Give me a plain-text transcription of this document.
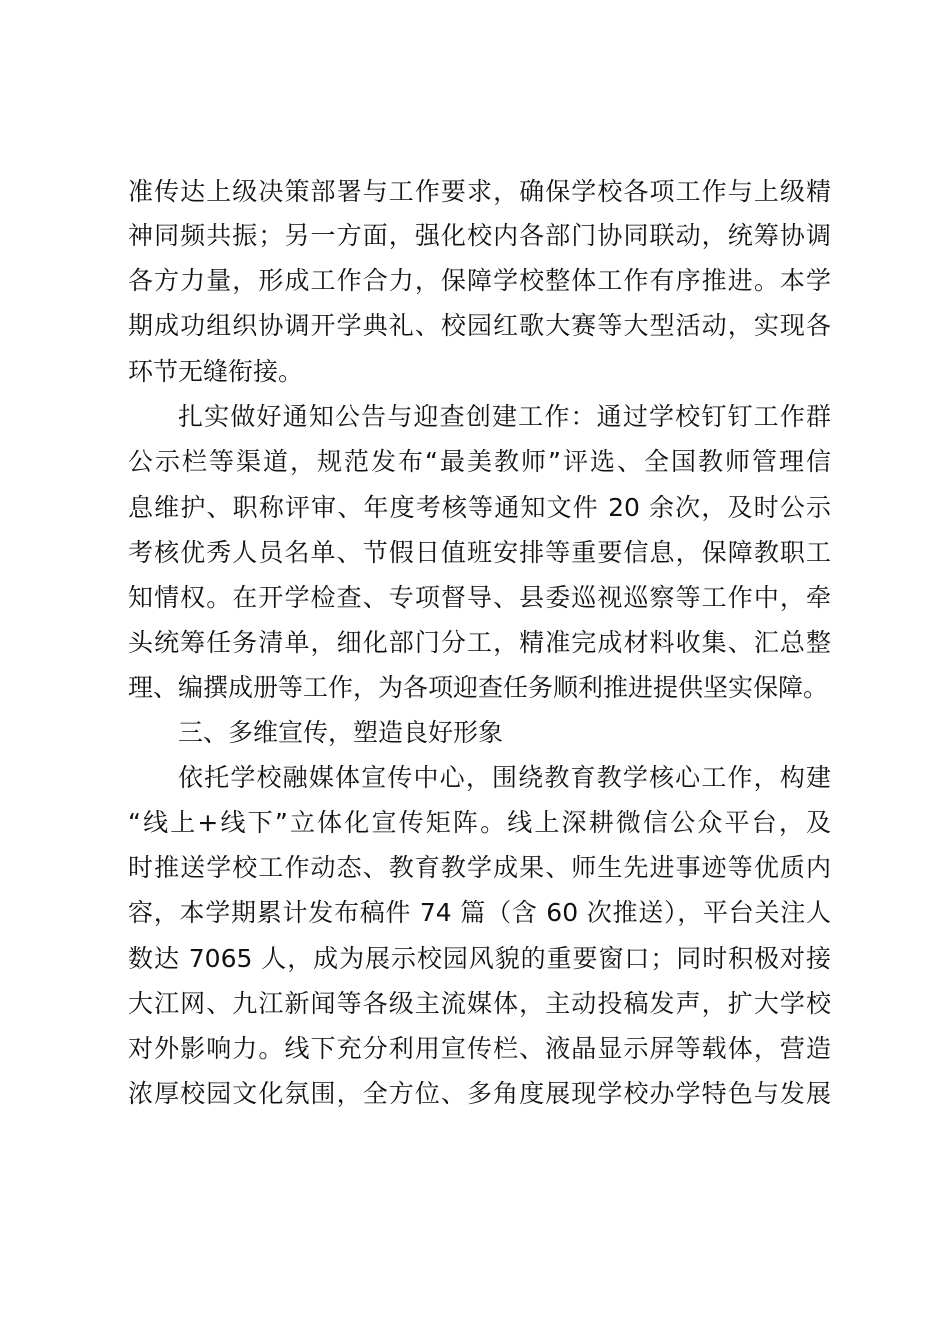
准传达上级决策部署与工作要求，确保学校各项工作与上级精
神同频共振；另一方面，强化校内各部门协同联动，统筹协调
各方力量，形成工作合力，保障学校整体工作有序推进。本学
期成功组织协调开学典礼、校园红歌大赛等大型活动，实现各
环节无缝衔接。
扎实做好通知公告与迎查创建工作：通过学校钉钉工作群
公示栏等渠道，规范发布“最美教师”评选、全国教师管理信
息维护、职称评审、年度考核等通知文件 20 余次，及时公示
考核优秀人员名单、节假日值班安排等重要信息，保障教职工
知情权。在开学检查、专项督导、县委巡视巡察等工作中，牵
头统筹任务清单，细化部门分工，精准完成材料收集、汇总整
理、编撰成册等工作，为各项迎查任务顺利推进提供坚实保障。
三、多维宣传，塑造良好形象
依托学校融媒体宣传中心，围绕教育教学核心工作，构建
“线上+线下”立体化宣传矩阵。线上深耕微信公众平台，及
时推送学校工作动态、教育教学成果、师生先进事迹等优质内
容，本学期累计发布稿件 74 篇（含 60 次推送），平台关注人
数达 7065 人，成为展示校园风貌的重要窗口；同时积极对接
大江网、九江新闻等各级主流媒体，主动投稿发声，扩大学校
对外影响力。线下充分利用宣传栏、液晶显示屏等载体，营造
浓厚校园文化氛围，全方位、多角度展现学校办学特色与发展
